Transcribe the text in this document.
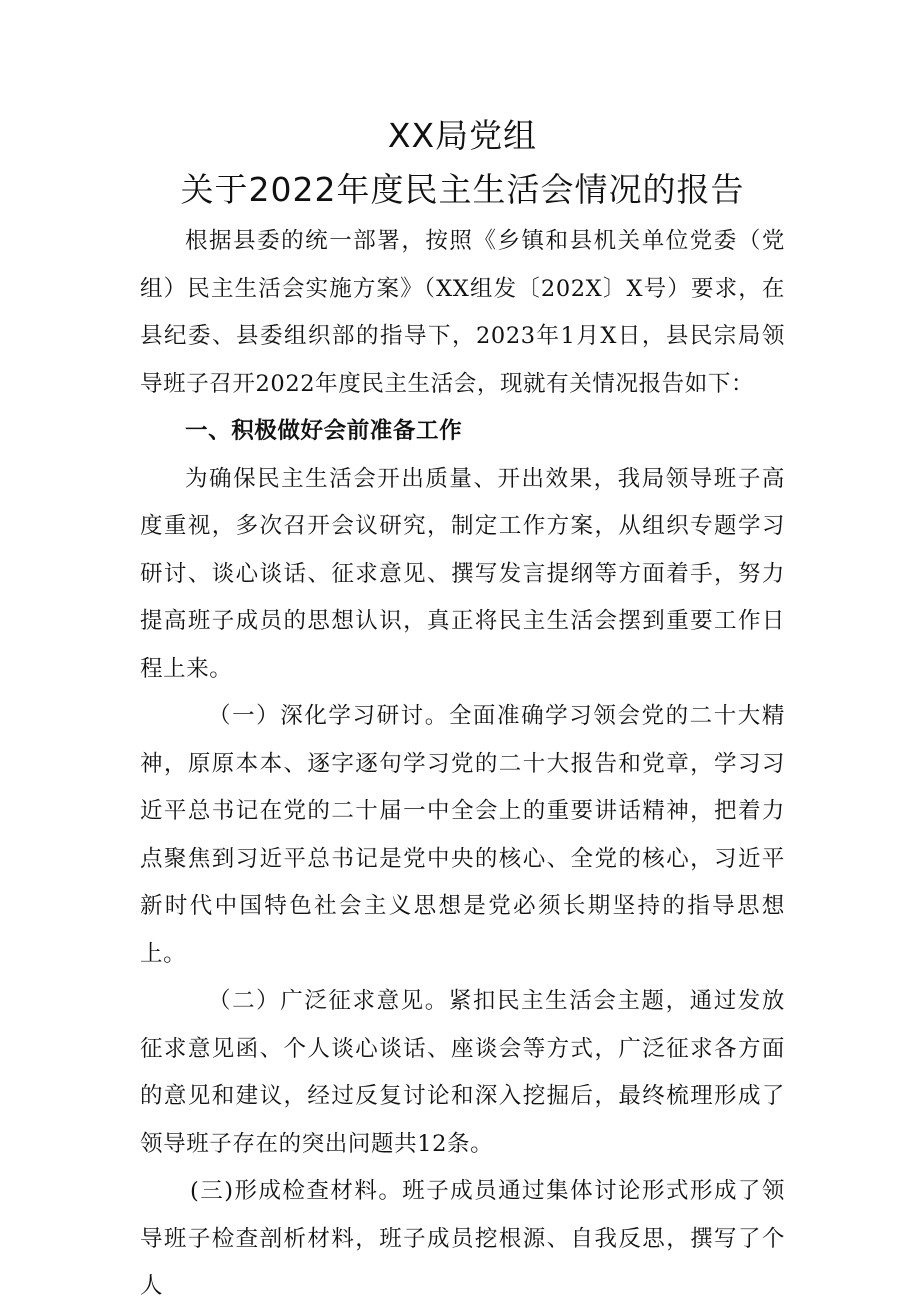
XX局党组
关于2022年度民主生活会情况的报告

根据县委的统一部署，按照《乡镇和县机关单位党委（党组）民主生活会实施方案》（XX组发〔202X〕X号）要求，在县纪委、县委组织部的指导下，2023年1月X日，县民宗局领导班子召开2022年度民主生活会，现就有关情况报告如下：

一、积极做好会前准备工作

为确保民主生活会开出质量、开出效果，我局领导班子高度重视，多次召开会议研究，制定工作方案，从组织专题学习研讨、谈心谈话、征求意见、撰写发言提纲等方面着手，努力提高班子成员的思想认识，真正将民主生活会摆到重要工作日程上来。

（一）深化学习研讨。全面准确学习领会党的二十大精神，原原本本、逐字逐句学习党的二十大报告和党章，学习习近平总书记在党的二十届一中全会上的重要讲话精神，把着力点聚焦到习近平总书记是党中央的核心、全党的核心，习近平新时代中国特色社会主义思想是党必须长期坚持的指导思想上。

（二）广泛征求意见。紧扣民主生活会主题，通过发放征求意见函、个人谈心谈话、座谈会等方式，广泛征求各方面的意见和建议，经过反复讨论和深入挖掘后，最终梳理形成了领导班子存在的突出问题共12条。

(三)形成检查材料。班子成员通过集体讨论形式形成了领导班子检查剖析材料，班子成员挖根源、自我反思，撰写了个人
